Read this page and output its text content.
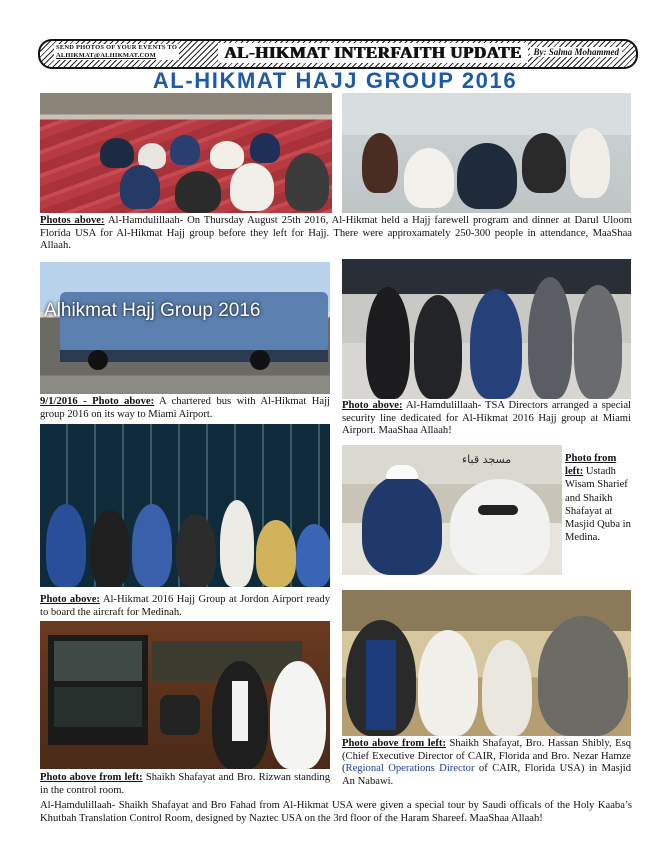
SEND PHOTOS OF YOUR EVENTS TO
ALHIKMAT@ALHIKMAT.COM	AL-HIKMAT INTERFAITH UPDATE	By: Salma Mohammed
AL-HIKMAT HAJJ GROUP 2016

Photos above: Al-Hamdulillaah- On Thursday August 25th 2016, Al-Hikmat held a Hajj farewell program and dinner at Darul Uloom Florida USA for Al-Hikmat Hajj group before they left for Hajj. There were approxamately 250-300 people in attendance, MaaShaa Allaah.

Alhikmat Hajj Group 2016

9/1/2016 - Photo above: A chartered bus with Al-Hikmat Hajj group 2016 on its way to Miami Airport.

Photo above: Al-Hamdulillaah- TSA Directors arranged a special security line dedicated for Al-Hikmat 2016 Hajj group at Miami Airport. MaaShaa Allaah!

مسجد قباء	Photo from left: Ustadh Wisam Sharief and Shaikh Shafayat at Masjid Quba in Medina.

Photo above: Al-Hikmat 2016 Hajj Group at Jordon Airport ready to board the aircraft for Medinah.

Photo above from left: Shaikh Shafayat, Bro. Hassan Shibly, Esq (Chief Executive Director of CAIR, Florida and Bro. Nezar Hamze (Regional Operations Director of CAIR, Florida USA) in Masjid An Nabawi.

Photo above from left: Shaikh Shafayat and Bro. Rizwan standing in the control room.

Al-Hamdulillaah- Shaikh Shafayat and Bro Fahad from Al-Hikmat USA were given a special tour by Saudi officals of the Holy Kaaba’s Khutbah Translation Control Room, designed by Naztec USA on the 3rd floor of the Haram Shareef. MaaShaa Allaah!
